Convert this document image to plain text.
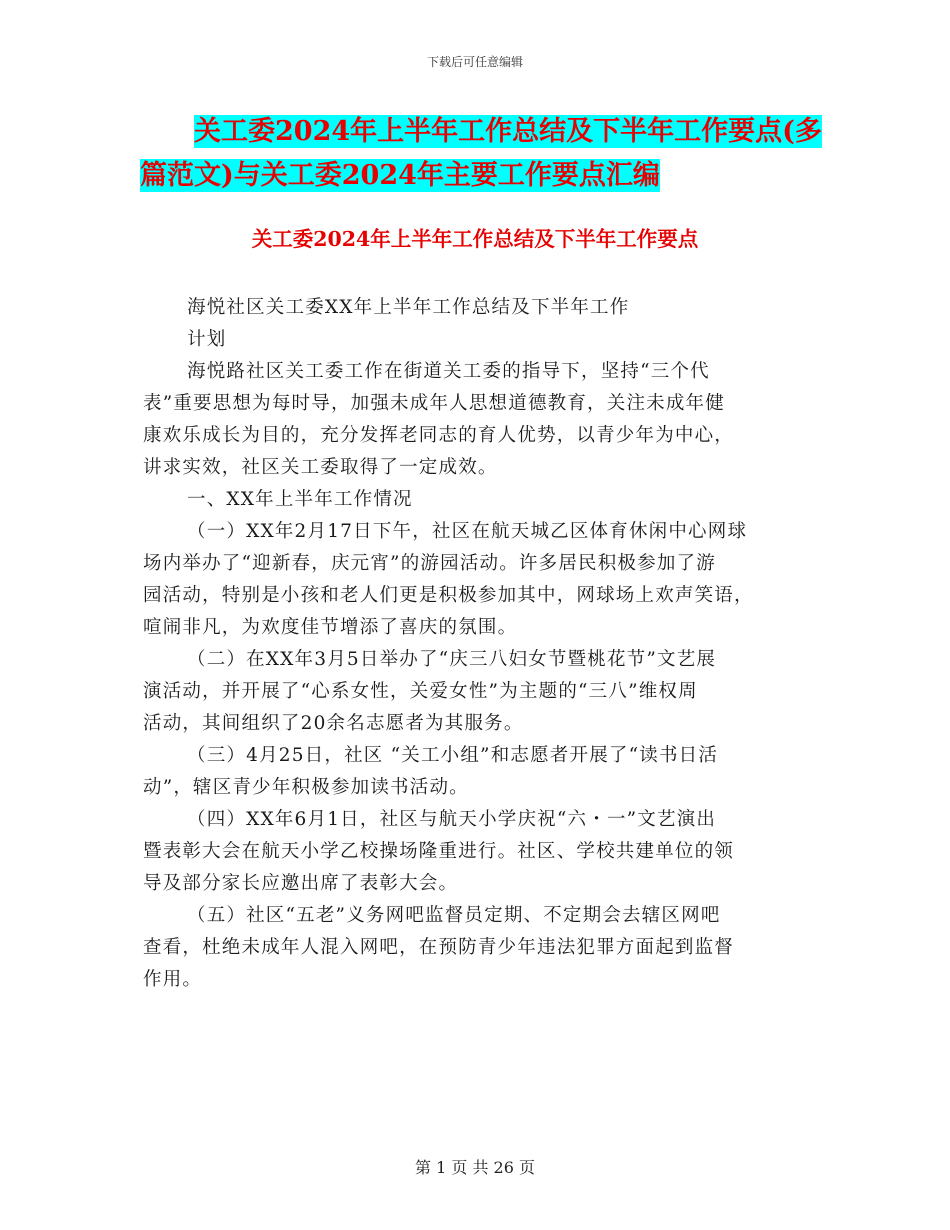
下载后可任意编辑
关工委2024年上半年工作总结及下半年工作要点(多
篇范文)与关工委2024年主要工作要点汇编
关工委2024年上半年工作总结及下半年工作要点
海悦社区关工委XX年上半年工作总结及下半年工作
计划
海悦路社区关工委工作在街道关工委的指导下，坚持“三个代
表”重要思想为每时导，加强未成年人思想道德教育，关注未成年健
康欢乐成长为目的，充分发挥老同志的育人优势，以青少年为中心，
讲求实效，社区关工委取得了一定成效。
一、XX年上半年工作情况
（一）XX年2月17日下午，社区在航天城乙区体育休闲中心网球
场内举办了“迎新春，庆元宵”的游园活动。许多居民积极参加了游
园活动，特别是小孩和老人们更是积极参加其中，网球场上欢声笑语，
喧闹非凡，为欢度佳节增添了喜庆的氛围。
（二）在XX年3月5日举办了“庆三八妇女节暨桃花节”文艺展
演活动，并开展了“心系女性，关爱女性”为主题的“三八”维权周
活动，其间组织了20余名志愿者为其服务。
（三）4月25日，社区 “关工小组”和志愿者开展了“读书日活
动”，辖区青少年积极参加读书活动。
（四）XX年6月1日，社区与航天小学庆祝“六・一”文艺演出
暨表彰大会在航天小学乙校操场隆重进行。社区、学校共建单位的领
导及部分家长应邀出席了表彰大会。
（五）社区“五老”义务网吧监督员定期、不定期会去辖区网吧
查看，杜绝未成年人混入网吧，在预防青少年违法犯罪方面起到监督
作用。
第 1 页 共 26 页
